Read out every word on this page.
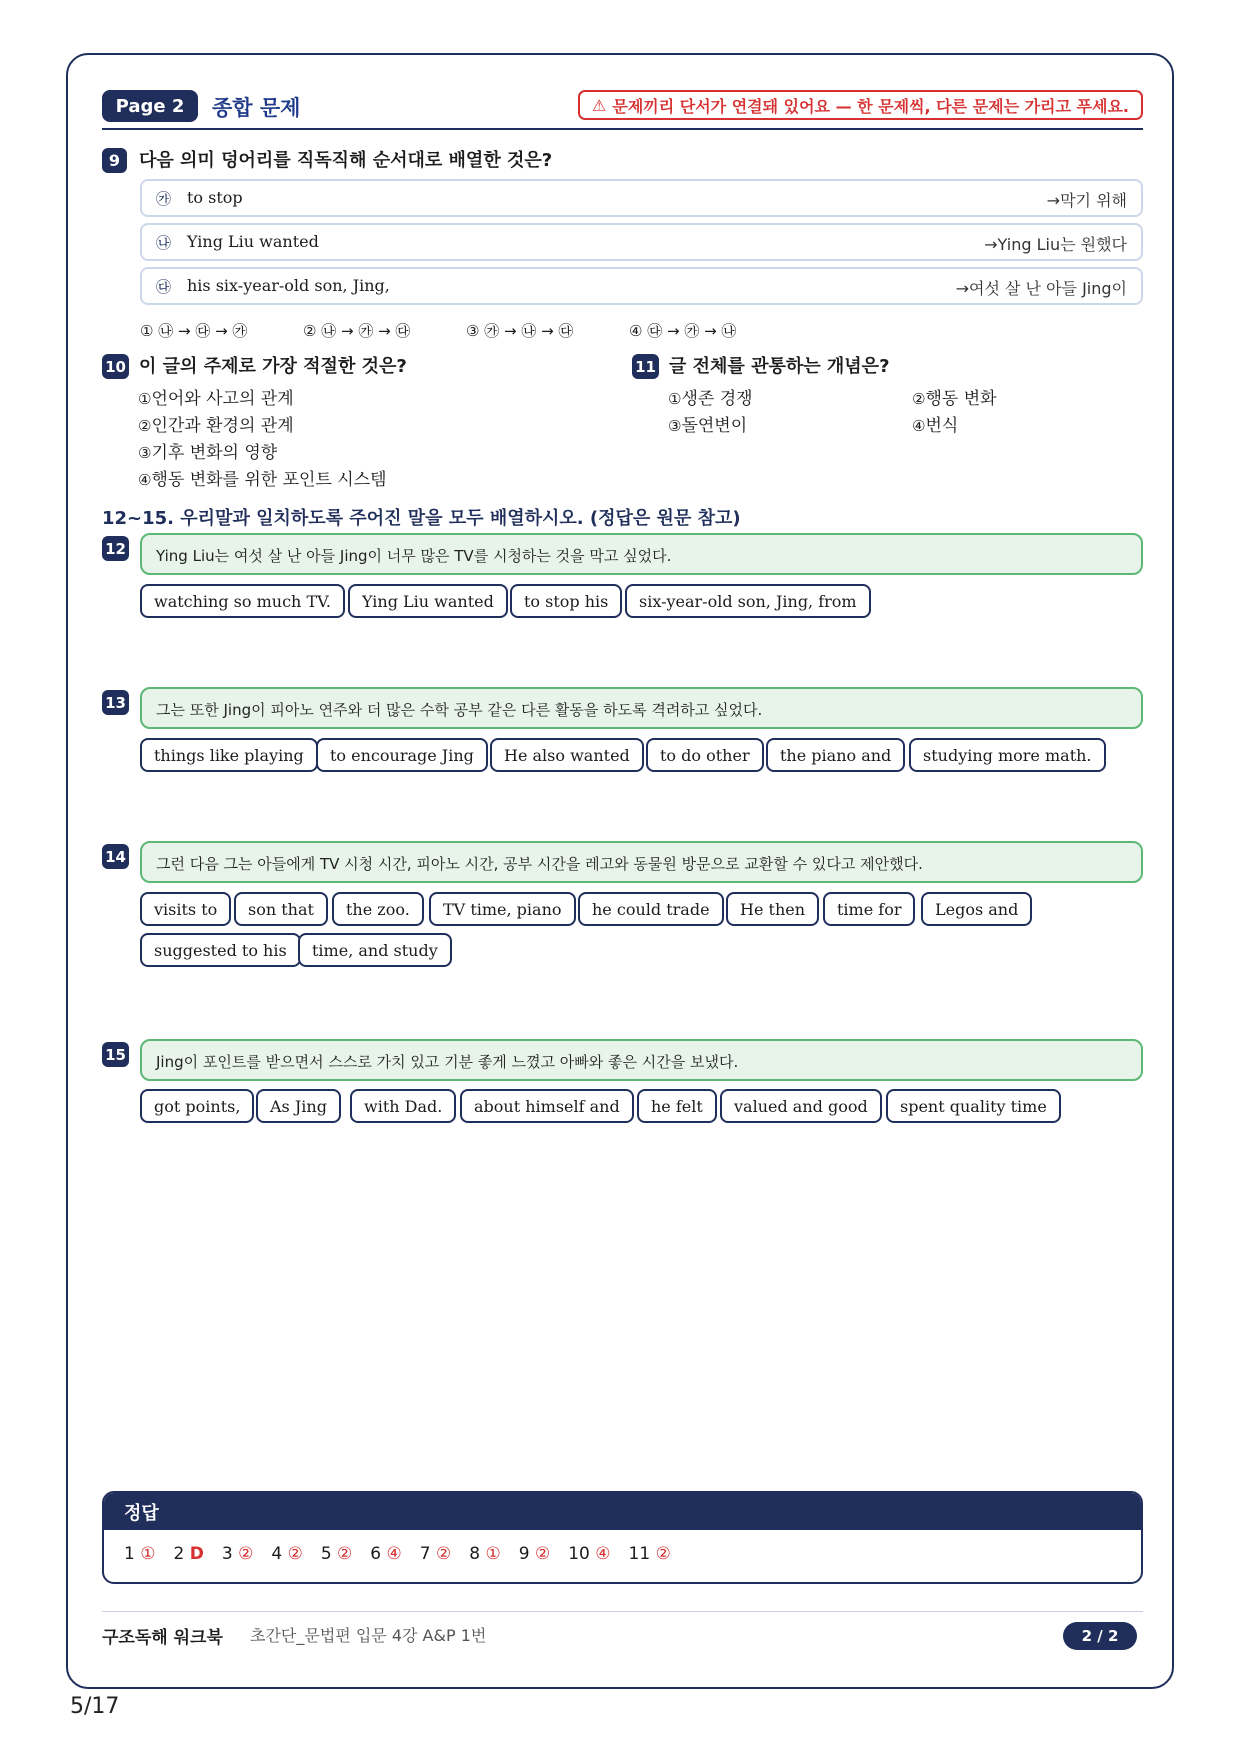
Page 2	종합 문제	⚠ 문제끼리 단서가 연결돼 있어요 — 한 문제씩, 다른 문제는 가리고 푸세요.
9	다음 의미 덩어리를 직독직해 순서대로 배열한 것은?
㉮ to stop	→막기 위해
㉯ Ying Liu wanted	→Ying Liu는 원했다
㉰ his six-year-old son, Jing,	→여섯 살 난 아들 Jing이
① ㉯ → ㉰ → ㉮	② ㉯ → ㉮ → ㉰	③ ㉮ → ㉯ → ㉰	④ ㉰ → ㉮ → ㉯
10 이 글의 주제로 가장 적절한 것은?
①언어와 사고의 관계
②인간과 환경의 관계
③기후 변화의 영향
④행동 변화를 위한 포인트 시스템
11 글 전체를 관통하는 개념은?
①생존 경쟁	②행동 변화
③돌연변이	④번식
12~15. 우리말과 일치하도록 주어진 말을 모두 배열하시오. (정답은 원문 참고)
12	Ying Liu는 여섯 살 난 아들 Jing이 너무 많은 TV를 시청하는 것을 막고 싶었다.
watching so much TV.	Ying Liu wanted	to stop his	six-year-old son, Jing, from
13	그는 또한 Jing이 피아노 연주와 더 많은 수학 공부 같은 다른 활동을 하도록 격려하고 싶었다.
things like playing	to encourage Jing	He also wanted	to do other	the piano and	studying more math.
14	그런 다음 그는 아들에게 TV 시청 시간, 피아노 시간, 공부 시간을 레고와 동물원 방문으로 교환할 수 있다고 제안했다.
visits to	son that	the zoo.	TV time, piano	he could trade	He then	time for	Legos and
suggested to his	time, and study
15	Jing이 포인트를 받으면서 스스로 가치 있고 기분 좋게 느꼈고 아빠와 좋은 시간을 보냈다.
got points,	As Jing	with Dad.	about himself and	he felt	valued and good	spent quality time
정답
1 ① 2 D 3 ② 4 ② 5 ② 6 ④ 7 ② 8 ① 9 ② 10 ④ 11 ②
구조독해 워크북 초간단_문법편 입문 4강 A&P 1번	2 / 2
5/17
